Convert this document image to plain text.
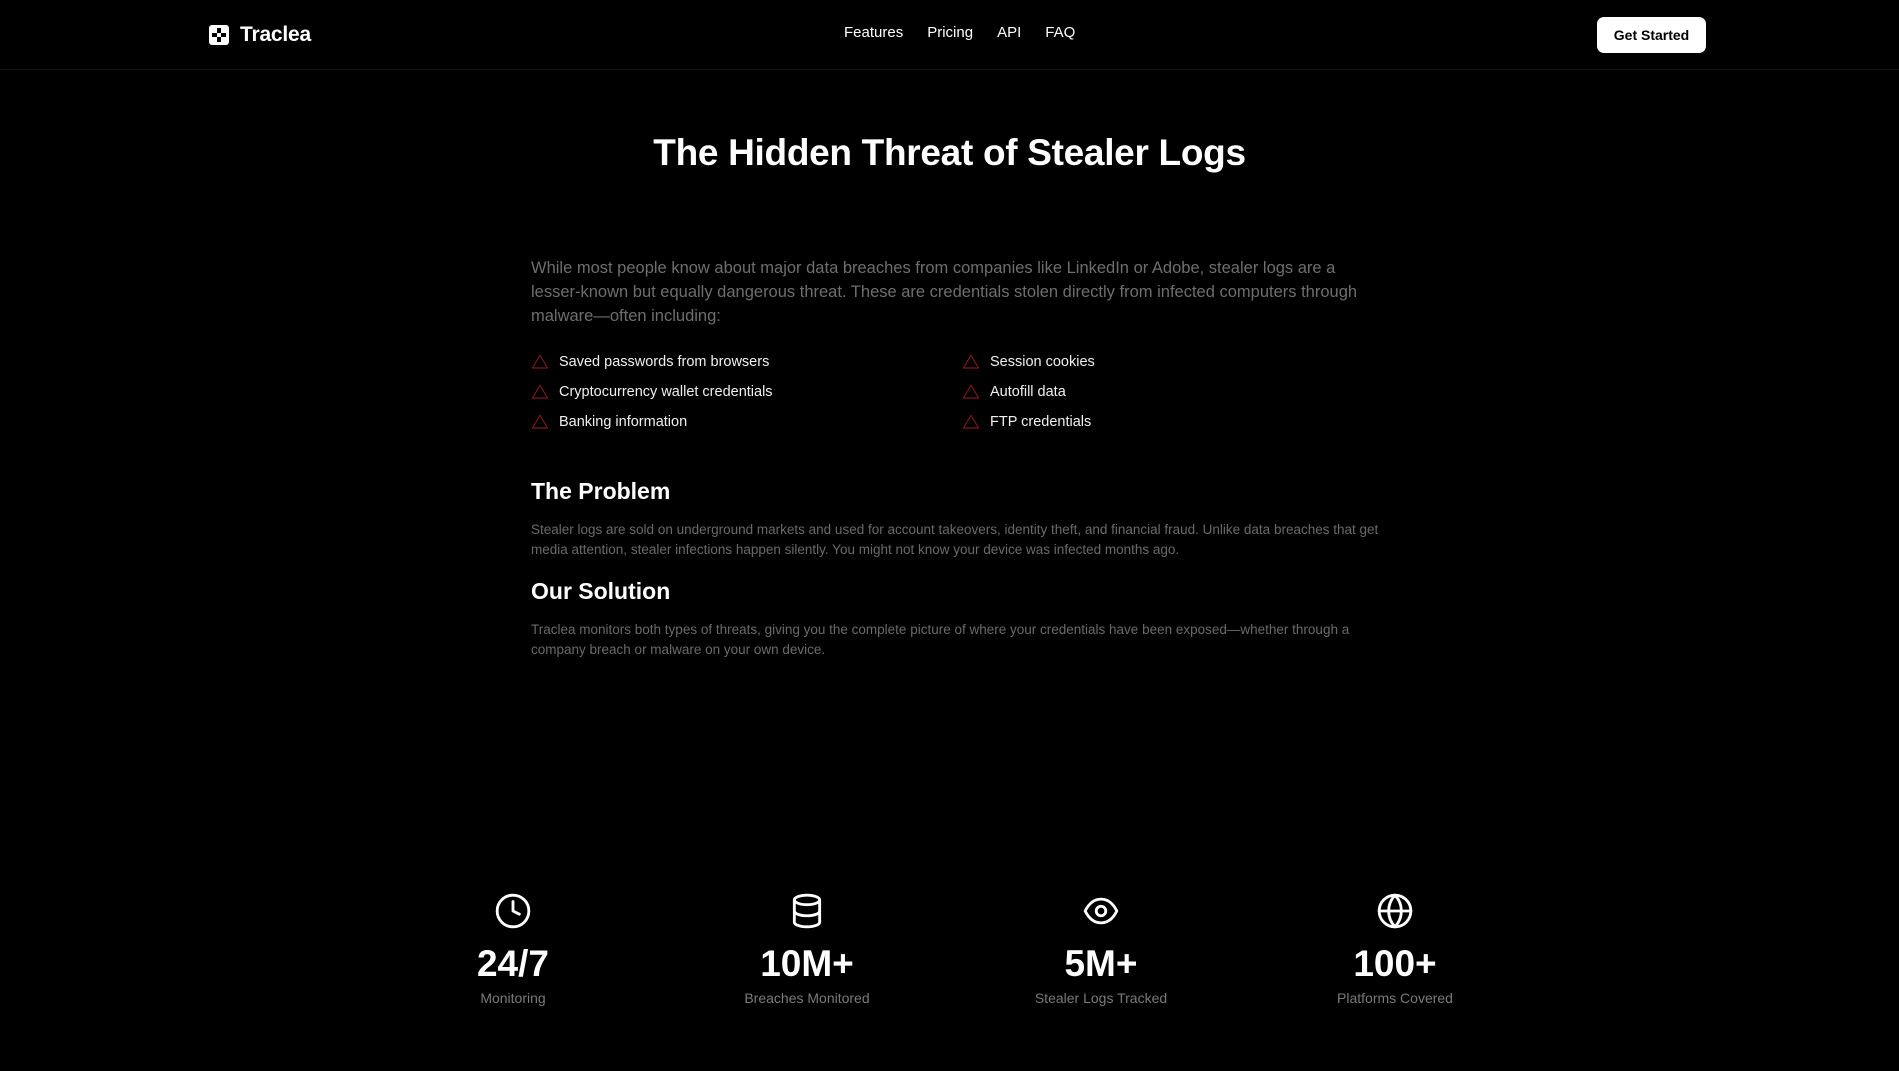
Traclea	Features Pricing API FAQ	Get Started
The Hidden Threat of Stealer Logs

While most people know about major data breaches from companies like LinkedIn or Adobe, stealer logs are a lesser-known but equally dangerous threat. These are credentials stolen directly from infected computers through malware—often including:

Saved passwords from browsers	Session cookies
Cryptocurrency wallet credentials	Autofill data
Banking information	FTP credentials
The Problem

Stealer logs are sold on underground markets and used for account takeovers, identity theft, and financial fraud. Unlike data breaches that get media attention, stealer infections happen silently. You might not know your device was infected months ago.

Our Solution

Traclea monitors both types of threats, giving you the complete picture of where your credentials have been exposed—whether through a company breach or malware on your own device.

24/7
Monitoring
10M+
Breaches Monitored
5M+
Stealer Logs Tracked
100+
Platforms Covered
